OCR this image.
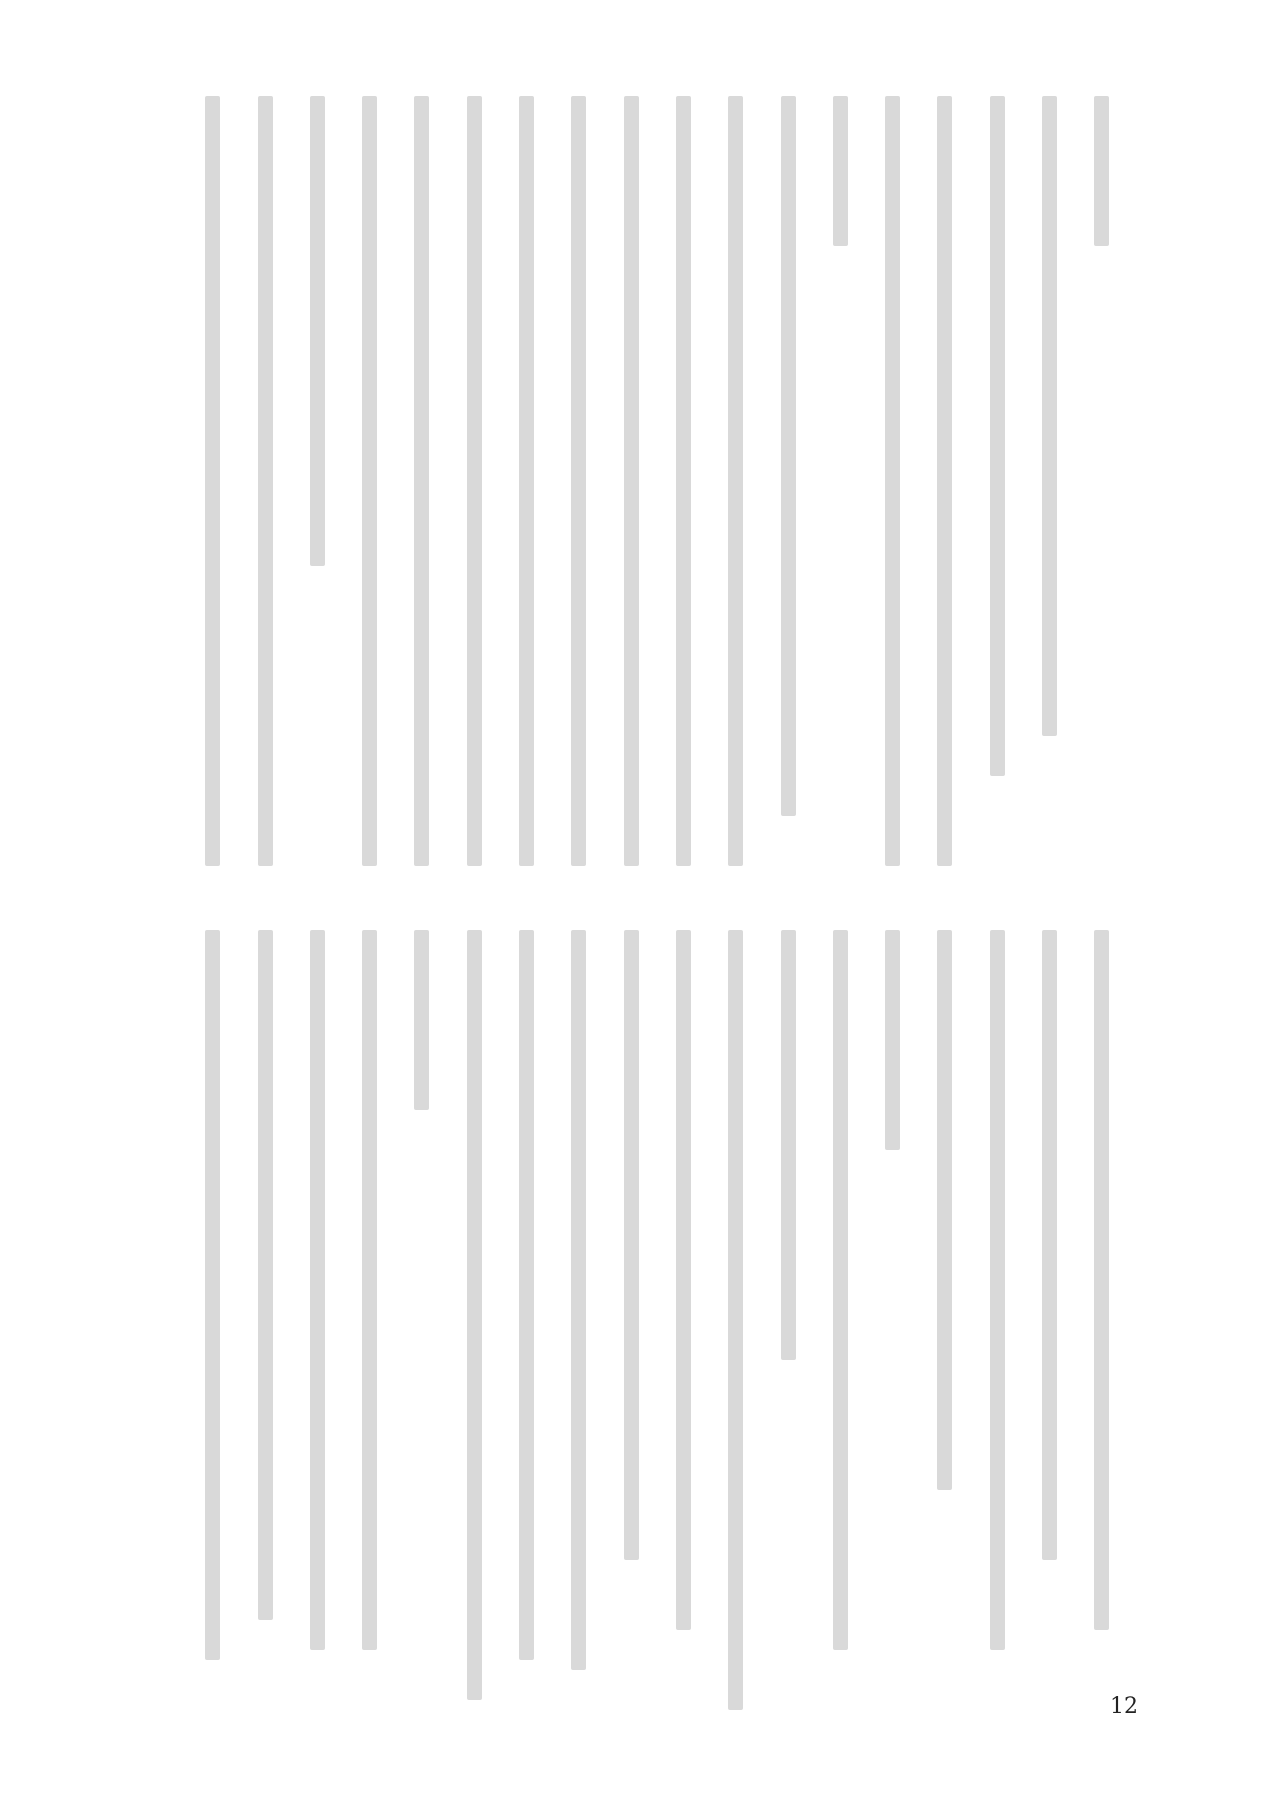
12
